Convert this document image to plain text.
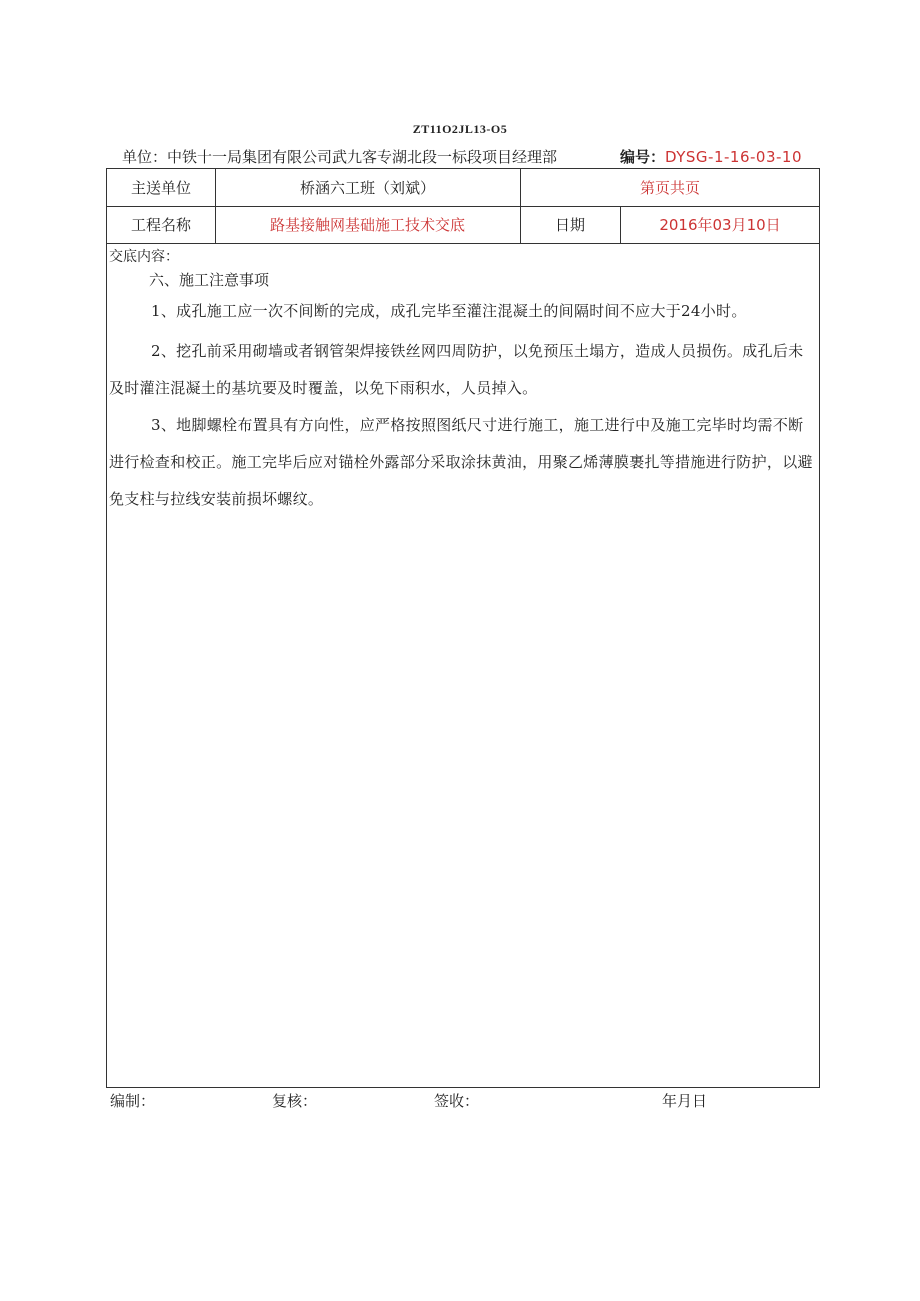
ZT11O2JL13-O5
单位：中铁十一局集团有限公司武九客专湖北段一标段项目经理部	编号：DYSG-1-16-03-10
主送单位	桥涵六工班（刘斌）	第页共页
工程名称	路基接触网基础施工技术交底	日期	2016年03月10日
交底内容：
六、施工注意事项
1、成孔施工应一次不间断的完成，成孔完毕至灌注混凝土的间隔时间不应大于24小时。
2、挖孔前采用砌墙或者钢管架焊接铁丝网四周防护，以免预压土塌方，造成人员损伤。成孔后未及时灌注混凝土的基坑要及时覆盖，以免下雨积水，人员掉入。
3、地脚螺栓布置具有方向性，应严格按照图纸尺寸进行施工，施工进行中及施工完毕时均需不断进行检查和校正。施工完毕后应对锚栓外露部分采取涂抹黄油，用聚乙烯薄膜裹扎等措施进行防护，以避免支柱与拉线安装前损坏螺纹。
编制：	复核：	签收：	年月日
